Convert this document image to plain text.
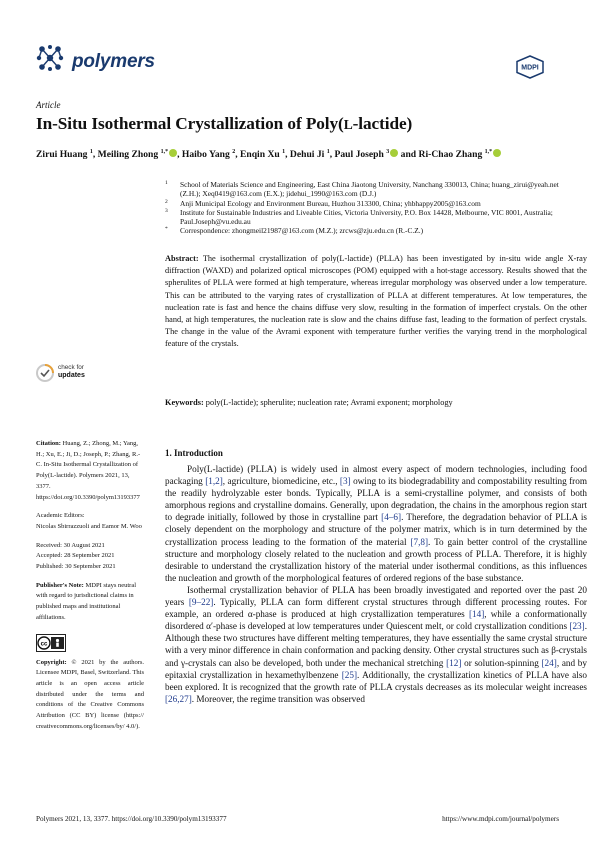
polymers	MDPI
Article
In-Situ Isothermal Crystallization of Poly(L-lactide)
Zirui Huang $^1$, Meiling Zhong $^{1,*}$ , Haibo Yang $^2$, Enqin Xu $^1$, Dehui Ji $^1$, Paul Joseph $^3$ and Ri-Chao Zhang $^{1,*}$
1 School of Materials Science and Engineering, East China Jiaotong University, Nanchang 330013, China; huang_zirui@yeah.net (Z.H.); Xeq0419@163.com (E.X.); jidehui_1990@163.com (D.J.)
2 Anji Municipal Ecology and Environment Bureau, Huzhou 313300, China; yhbhappy2005@163.com
3 Institute for Sustainable Industries and Liveable Cities, Victoria University, P.O. Box 14428, Melbourne, VIC 8001, Australia; Paul.Joseph@vu.edu.au
* Correspondence: zhongmeil21987@163.com (M.Z.); zrcws@zju.edu.cn (R.-C.Z.)
Abstract: The isothermal crystallization of poly(L-lactide) (PLLA) has been investigated by in-situ wide angle X-ray diffraction (WAXD) and polarized optical microscopes (POM) equipped with a hot-stage accessory. Results showed that the spherulites of PLLA were formed at high temperature, whereas irregular morphology was observed under a low temperature. This can be attributed to the varying rates of crystallization of PLLA at different temperatures. At low temperatures, the nucleation rate is fast and hence the chains diffuse very slow, resulting in the formation of imperfect crystals. On the other hand, at high temperatures, the nucleation rate is slow and the chains diffuse fast, leading to the formation of perfect crystals. The change in the value of the Avrami exponent with temperature further verifies the varying trend in the morphological feature of the crystals.
Keywords: poly(L-lactide); spherulite; nucleation rate; Avrami exponent; morphology
check for
updates

Citation: Huang, Z.; Zhong, M.; Yang, H.; Xu, E.; Ji, D.; Joseph, P.; Zhang, R.-C. In-Situ Isothermal Crystallization of Poly(L-lactide). Polymers 2021, 13, 3377. https://doi.org/10.3390/polym13193377

Academic Editors:
Nicolas Sbirrazzuoli and Eamor M. Woo

Received: 30 August 2021
Accepted: 28 September 2021
Published: 30 September 2021

Publisher's Note: MDPI stays neutral with regard to jurisdictional claims in published maps and institutional affiliations.

cc

Copyright: © 2021 by the authors. Licensee MDPI, Basel, Switzerland. This article is an open access article distributed under the terms and conditions of the Creative Commons Attribution (CC BY) license (https:// creativecommons.org/licenses/by/ 4.0/).

1. Introduction

Poly(L-lactide) (PLLA) is widely used in almost every aspect of modern technologies, including food packaging [1,2], agriculture, biomedicine, etc., [3] owing to its biodegradability and compostability resulting from the readily hydrolyzable ester bonds. Typically, PLLA is a semi-crystalline polymer, and consists of both amorphous regions and crystalline domains. Generally, upon degradation, the chains in the amorphous region start to degrade initially, followed by those in crystalline part [4–6]. Therefore, the degradation behavior of PLLA is closely dependent on the morphology and structure of the polymer matrix, which is in turn determined by the crystallization process leading to the formation of the material [7,8]. To gain better control of the crystalline structure and morphology closely related to the nucleation and growth process of PLLA. Therefore, it is highly desirable to understand the crystallization history of the material under isothermal conditions, as this influences the nucleation and growth of the morphological features of ordered regions of the base substance.

Isothermal crystallization behavior of PLLA has been broadly investigated and reported over the past 20 years [9–22]. Typically, PLLA can form different crystal structures through different processing routes. For example, an ordered α-phase is produced at high crystallization temperatures [14], while a conformationally disordered α′-phase is developed at low temperatures under Quiescent melt, or cold crystallization conditions [23]. Although these two structures have different melting temperatures, they have essentially the same crystal structure with a very minor difference in chain conformation and packing density. Other crystal structures such as β-crystals and γ-crystals can also be developed, both under the mechanical stretching [12] or solution-spinning [24], and by epitaxial crystallization in hexamethylbenzene [25]. Additionally, the crystallization kinetics of PLLA have also been explored. It is recognized that the growth rate of PLLA crystals decreases as its molecular weight increases [26,27]. Moreover, the regime transition was observed

Polymers 2021, 13, 3377. https://doi.org/10.3390/polym13193377	https://www.mdpi.com/journal/polymers
